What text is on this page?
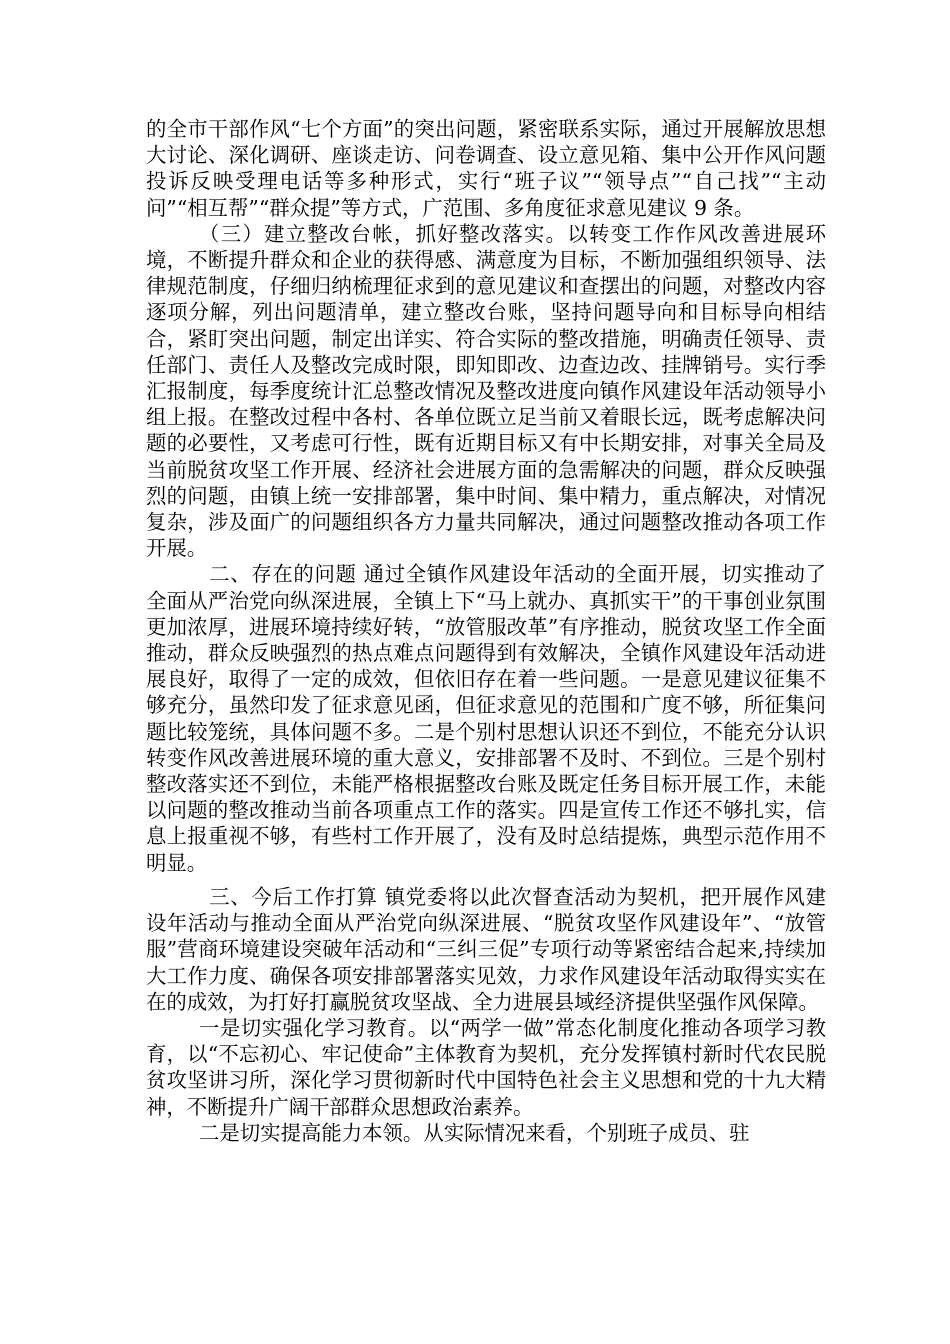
的全市干部作风“七个方面”的突出问题，紧密联系实际，通过开展解放思想大讨论、深化调研、座谈走访、问卷调查、设立意见箱、集中公开作风问题投诉反映受理电话等多种形式，实行“班子议”“领导点”“自己找”“主动问”“相互帮”“群众提”等方式，广范围、多角度征求意见建议 9 条。

（三）建立整改台帐，抓好整改落实。以转变工作作风改善进展环境，不断提升群众和企业的获得感、满意度为目标，不断加强组织领导、法律规范制度，仔细归纳梳理征求到的意见建议和查摆出的问题，对整改内容逐项分解，列出问题清单，建立整改台账，坚持问题导向和目标导向相结合，紧盯突出问题，制定出详实、符合实际的整改措施，明确责任领导、责任部门、责任人及整改完成时限，即知即改、边查边改、挂牌销号。实行季汇报制度，每季度统计汇总整改情况及整改进度向镇作风建设年活动领导小组上报。在整改过程中各村、各单位既立足当前又着眼长远，既考虑解决问题的必要性，又考虑可行性，既有近期目标又有中长期安排，对事关全局及当前脱贫攻坚工作开展、经济社会进展方面的急需解决的问题，群众反映强烈的问题，由镇上统一安排部署，集中时间、集中精力，重点解决，对情况复杂，涉及面广的问题组织各方力量共同解决，通过问题整改推动各项工作开展。

二、存在的问题 通过全镇作风建设年活动的全面开展，切实推动了全面从严治党向纵深进展，全镇上下“马上就办、真抓实干”的干事创业氛围更加浓厚，进展环境持续好转，“放管服改革”有序推动，脱贫攻坚工作全面推动，群众反映强烈的热点难点问题得到有效解决，全镇作风建设年活动进展良好，取得了一定的成效，但依旧存在着一些问题。一是意见建议征集不够充分，虽然印发了征求意见函，但征求意见的范围和广度不够，所征集问题比较笼统，具体问题不多。二是个别村思想认识还不到位，不能充分认识转变作风改善进展环境的重大意义，安排部署不及时、不到位。三是个别村整改落实还不到位，未能严格根据整改台账及既定任务目标开展工作，未能以问题的整改推动当前各项重点工作的落实。四是宣传工作还不够扎实，信息上报重视不够，有些村工作开展了，没有及时总结提炼，典型示范作用不明显。

三、今后工作打算 镇党委将以此次督查活动为契机，把开展作风建设年活动与推动全面从严治党向纵深进展、“脱贫攻坚作风建设年”、“放管服”营商环境建设突破年活动和“三纠三促”专项行动等紧密结合起来,持续加大工作力度、确保各项安排部署落实见效，力求作风建设年活动取得实实在在的成效，为打好打赢脱贫攻坚战、全力进展县域经济提供坚强作风保障。

一是切实强化学习教育。以“两学一做”常态化制度化推动各项学习教育，以“不忘初心、牢记使命”主体教育为契机，充分发挥镇村新时代农民脱贫攻坚讲习所，深化学习贯彻新时代中国特色社会主义思想和党的十九大精神，不断提升广阔干部群众思想政治素养。

二是切实提高能力本领。从实际情况来看，个别班子成员、驻
